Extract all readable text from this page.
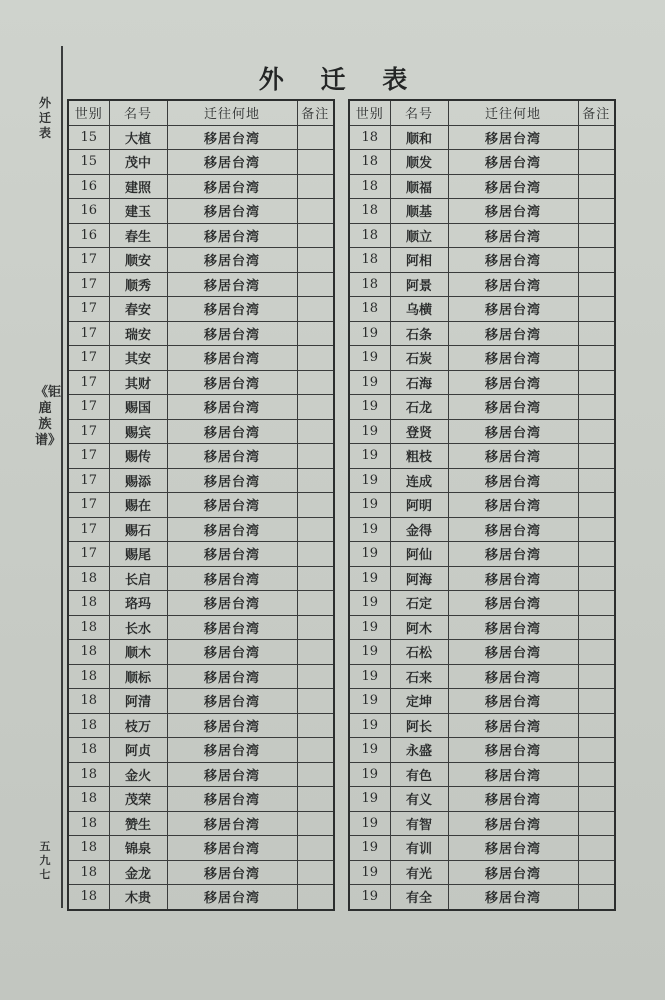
外迁表
《钜鹿族谱》
五九七
外 迁 表
世别	名号	迁往何地	备注
15	大植	移居台湾	
15	茂中	移居台湾	
16	建照	移居台湾	
16	建玉	移居台湾	
16	春生	移居台湾	
17	顺安	移居台湾	
17	顺秀	移居台湾	
17	春安	移居台湾	
17	瑞安	移居台湾	
17	其安	移居台湾	
17	其财	移居台湾	
17	赐国	移居台湾	
17	赐宾	移居台湾	
17	赐传	移居台湾	
17	赐添	移居台湾	
17	赐在	移居台湾	
17	赐石	移居台湾	
17	赐尾	移居台湾	
18	长启	移居台湾	
18	珞玛	移居台湾	
18	长水	移居台湾	
18	顺木	移居台湾	
18	顺标	移居台湾	
18	阿清	移居台湾	
18	枝万	移居台湾	
18	阿贞	移居台湾	
18	金火	移居台湾	
18	茂荣	移居台湾	
18	赞生	移居台湾	
18	锦泉	移居台湾	
18	金龙	移居台湾	
18	木贵	移居台湾	
世别	名号	迁往何地	备注
18	顺和	移居台湾	
18	顺发	移居台湾	
18	顺福	移居台湾	
18	顺基	移居台湾	
18	顺立	移居台湾	
18	阿相	移居台湾	
18	阿景	移居台湾	
18	乌横	移居台湾	
19	石条	移居台湾	
19	石炭	移居台湾	
19	石海	移居台湾	
19	石龙	移居台湾	
19	登贤	移居台湾	
19	粗枝	移居台湾	
19	连成	移居台湾	
19	阿明	移居台湾	
19	金得	移居台湾	
19	阿仙	移居台湾	
19	阿海	移居台湾	
19	石定	移居台湾	
19	阿木	移居台湾	
19	石松	移居台湾	
19	石来	移居台湾	
19	定坤	移居台湾	
19	阿长	移居台湾	
19	永盛	移居台湾	
19	有色	移居台湾	
19	有义	移居台湾	
19	有智	移居台湾	
19	有训	移居台湾	
19	有光	移居台湾	
19	有全	移居台湾	
